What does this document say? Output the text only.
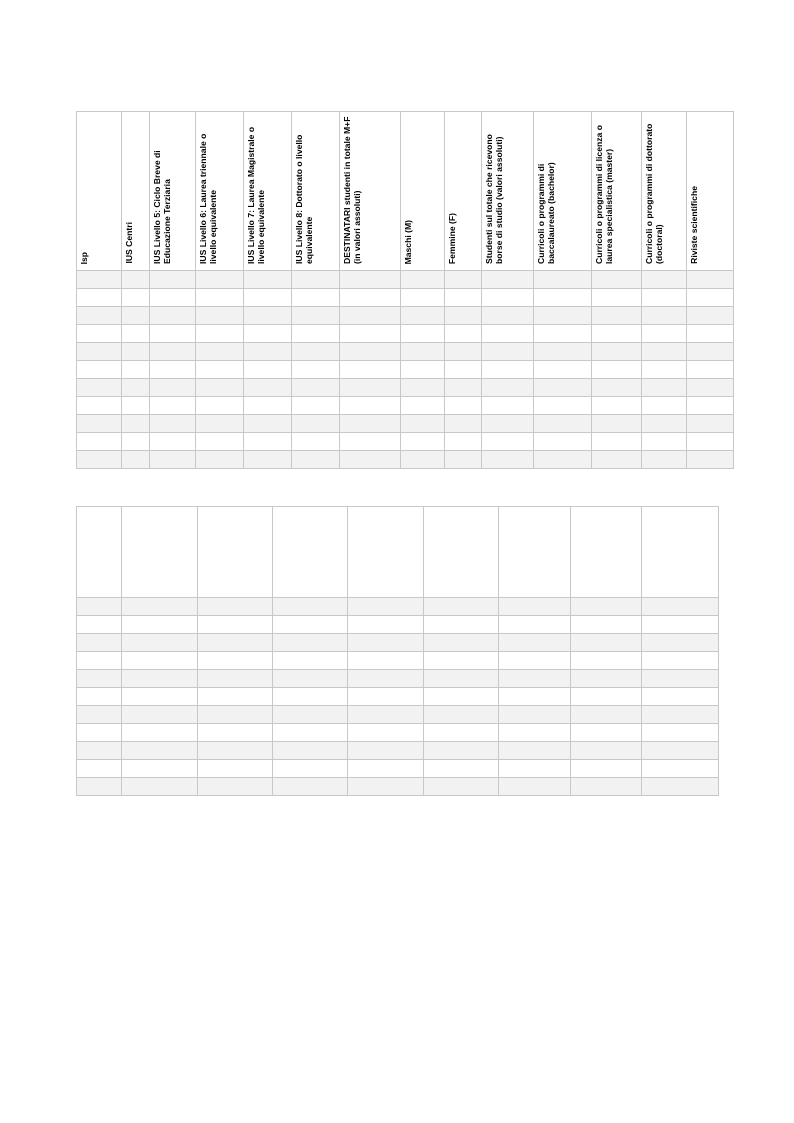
Isp	IUS Centri	IUS Livello 5: Ciclo Breve di Educazione Terziaria	IUS Livello 6: Laurea triennale o livello equivalente	IUS Livello 7: Laurea Magistrale o livello equivalente	IUS Livello 8: Dottorato o livello equivalente	DESTINATARI studenti in totale M+F (in valori assoluti)	Maschi (M)	Femmine (F)	Studenti sul totale che ricevono borse di studio (valori assoluti)	Curricoli o programmi di baccalaureato (bachelor)	Curricoli o programmi di licenza o laurea specialistica (master)	Curricoli o programmi di dottorato (doctoral)	Riviste scientifiche
